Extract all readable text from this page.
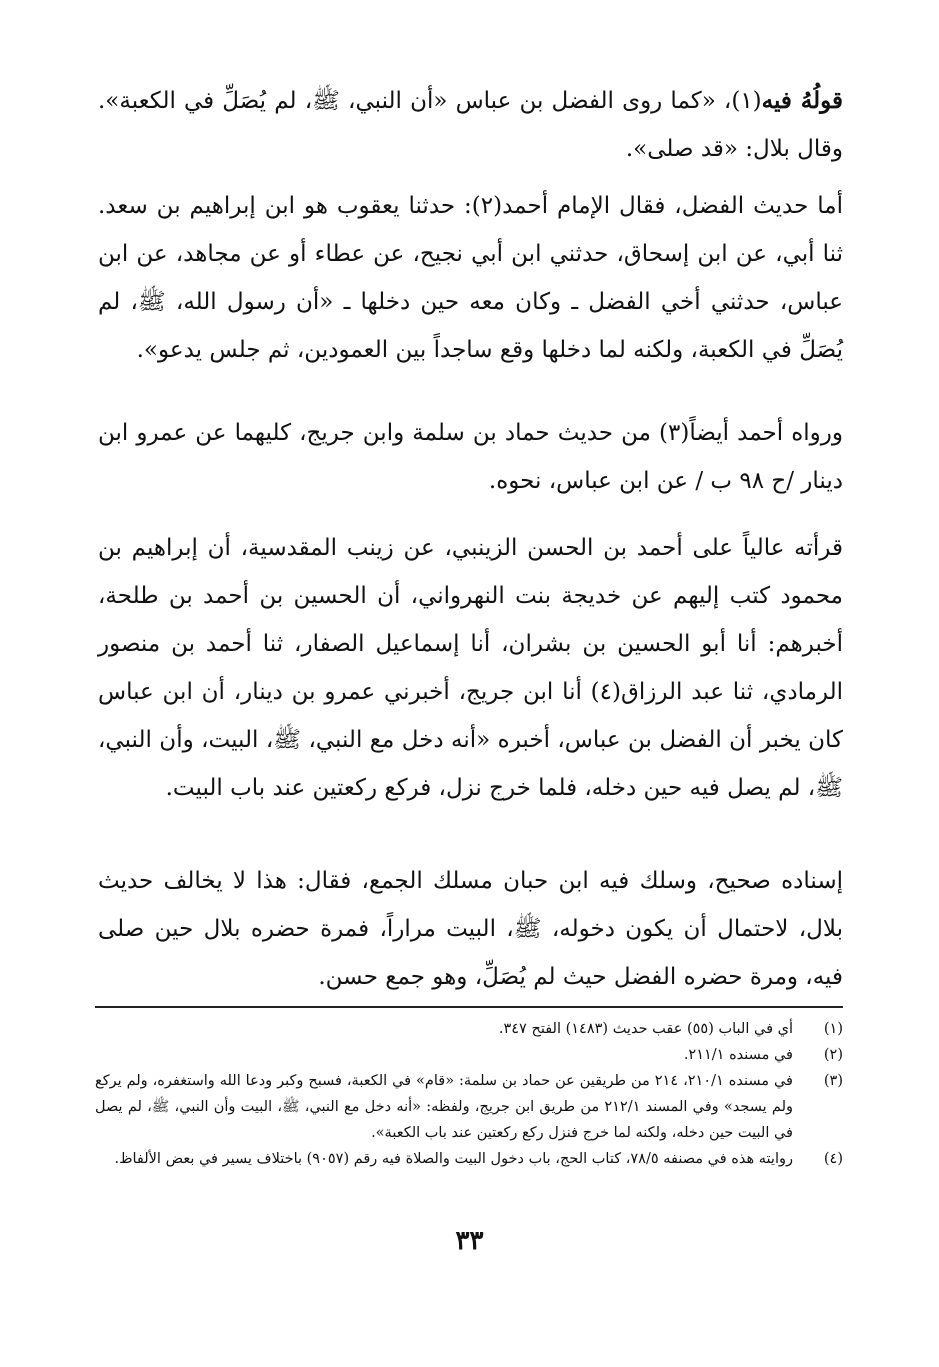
قولُهُ فيه(١)، «كما روى الفضل بن عباس «أن النبي، ﷺ، لم يُصَلِّ في الكعبة». وقال بلال: «قد صلى».

أما حديث الفضل، فقال الإمام أحمد(٢): حدثنا يعقوب هو ابن إبراهيم بن سعد. ثنا أبي، عن ابن إسحاق، حدثني ابن أبي نجيح، عن عطاء أو عن مجاهد، عن ابن عباس، حدثني أخي الفضل ـ وكان معه حين دخلها ـ «أن رسول الله، ﷺ، لم يُصَلِّ في الكعبة، ولكنه لما دخلها وقع ساجداً بين العمودين، ثم جلس يدعو».

ورواه أحمد أيضاً(٣) من حديث حماد بن سلمة وابن جريج، كليهما عن عمرو ابن دينار /ح ٩٨ ب / عن ابن عباس، نحوه.

قرأته عالياً على أحمد بن الحسن الزينبي، عن زينب المقدسية، أن إبراهيم بن محمود كتب إليهم عن خديجة بنت النهرواني، أن الحسين بن أحمد بن طلحة، أخبرهم: أنا أبو الحسين بن بشران، أنا إسماعيل الصفار، ثنا أحمد بن منصور الرمادي، ثنا عبد الرزاق(٤) أنا ابن جريج، أخبرني عمرو بن دينار، أن ابن عباس كان يخبر أن الفضل بن عباس، أخبره «أنه دخل مع النبي، ﷺ، البيت، وأن النبي، ﷺ، لم يصل فيه حين دخله، فلما خرج نزل، فركع ركعتين عند باب البيت.

إسناده صحيح، وسلك فيه ابن حبان مسلك الجمع، فقال: هذا لا يخالف حديث بلال، لاحتمال أن يكون دخوله، ﷺ، البيت مراراً، فمرة حضره بلال حين صلى فيه، ومرة حضره الفضل حيث لم يُصَلِّ، وهو جمع حسن.

(١)
أي في الباب (٥٥) عقب حديث (١٤٨٣) الفتح ٣٤٧.
(٢)
في مسنده ٢١١/١.
(٣)
في مسنده ٢١٠/١، ٢١٤ من طريقين عن حماد بن سلمة: «قام» في الكعبة، فسبح وكبر ودعا الله واستغفره، ولم يركع ولم يسجد» وفي المسند ٢١٢/١ من طريق ابن جريج، ولفظه: «أنه دخل مع النبي، ﷺ، البيت وأن النبي، ﷺ، لم يصل في البيت حين دخله، ولكنه لما خرج فنزل ركع ركعتين عند باب الكعبة».
(٤)
روايته هذه في مصنفه ٧٨/٥، كتاب الحج، باب دخول البيت والصلاة فيه رقم (٩٠٥٧) باختلاف يسير في بعض الألفاظ.
٣٣
